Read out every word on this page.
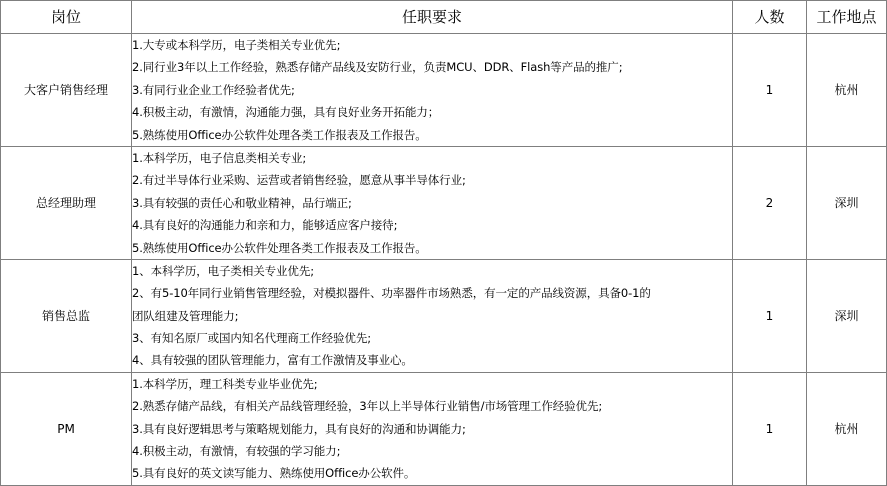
岗位	任职要求	人数	工作地点
大客户销售经理	1.大专或本科学历，电子类相关专业优先;
2.同行业3年以上工作经验，熟悉存储产品线及安防行业，负责MCU、DDR、Flash等产品的推广;
3.有同行业企业工作经验者优先;
4.积极主动，有激情，沟通能力强，具有良好业务开拓能力；
5.熟练使用Office办公软件处理各类工作报表及工作报告。	1	杭州
总经理助理	1.本科学历，电子信息类相关专业;
2.有过半导体行业采购、运营或者销售经验，愿意从事半导体行业;
3.具有较强的责任心和敬业精神，品行端正;
4.具有良好的沟通能力和亲和力，能够适应客户接待;
5.熟练使用Office办公软件处理各类工作报表及工作报告。	2	深圳
销售总监	1、本科学历，电子类相关专业优先;
2、有5-10年同行业销售管理经验，对模拟器件、功率器件市场熟悉，有一定的产品线资源，具备0-1的
团队组建及管理能力;
3、有知名原厂或国内知名代理商工作经验优先;
4、具有较强的团队管理能力，富有工作激情及事业心。	1	深圳
PM	1.本科学历，理工科类专业毕业优先;
2.熟悉存储产品线，有相关产品线管理经验，3年以上半导体行业销售/市场管理工作经验优先;
3.具有良好逻辑思考与策略规划能力，具有良好的沟通和协调能力;
4.积极主动，有激情，有较强的学习能力;
5.具有良好的英文读写能力、熟练使用Office办公软件。	1	杭州
